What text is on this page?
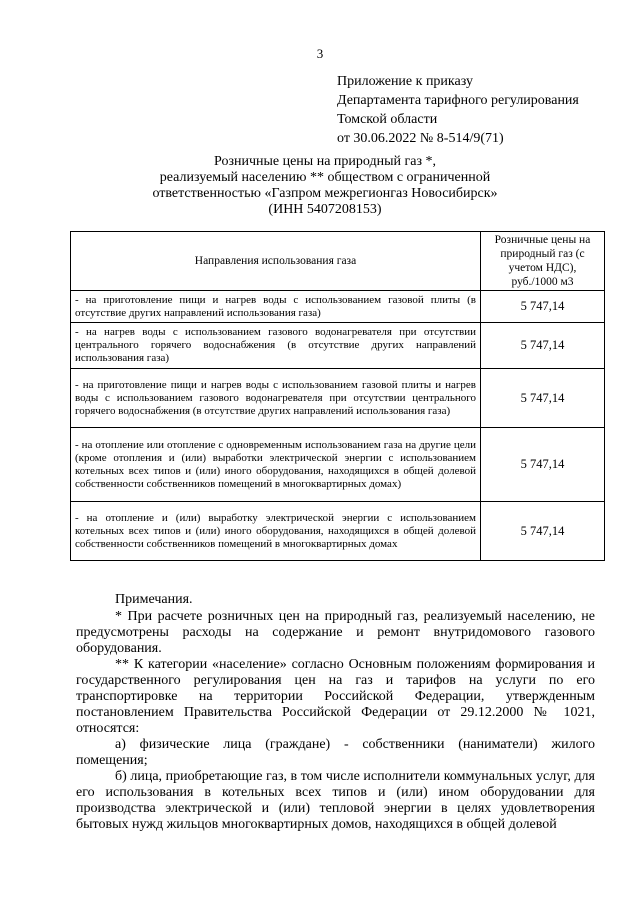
3
Приложение к приказу
Департамента тарифного регулирования
Томской области
от 30.06.2022 № 8-514/9(71)
Розничные цены на природный газ *,
реализуемый населению ** обществом с ограниченной
ответственностью «Газпром межрегионгаз Новосибирск»
(ИНН 5407208153)
Направления использования газа	Розничные цены на природный газ (с учетом НДС), руб./1000 м3
- на приготовление пищи и нагрев воды с использованием газовой плиты (в отсутствие других направлений использования газа)	5 747,14
- на нагрев воды с использованием газового водонагревателя при отсутствии центрального горячего водоснабжения (в отсутствие других направлений использования газа)	5 747,14
- на приготовление пищи и нагрев воды с использованием газовой плиты и нагрев воды с использованием газового водонагревателя при отсутствии центрального горячего водоснабжения (в отсутствие других направлений использования газа)	5 747,14
- на отопление или отопление с одновременным использованием газа на другие цели (кроме отопления и (или) выработки электрической энергии с использованием котельных всех типов и (или) иного оборудования, находящихся в общей долевой собственности собственников помещений в многоквартирных домах)	5 747,14
- на отопление и (или) выработку электрической энергии с использованием котельных всех типов и (или) иного оборудования, находящихся в общей долевой собственности собственников помещений в многоквартирных домах	5 747,14

Примечания.

* При расчете розничных цен на природный газ, реализуемый населению, не предусмотрены расходы на содержание и ремонт внутридомового газового оборудования.

** К категории «население» согласно Основным положениям формирования и государственного регулирования цен на газ и тарифов на услуги по его транспортировке на территории Российской Федерации, утвержденным постановлением Правительства Российской Федерации от 29.12.2000 № 1021, относятся:

а) физические лица (граждане) - собственники (наниматели) жилого помещения;

б) лица, приобретающие газ, в том числе исполнители коммунальных услуг, для его использования в котельных всех типов и (или) ином оборудовании для производства электрической и (или) тепловой энергии в целях удовлетворения бытовых нужд жильцов многоквартирных домов, находящихся в общей долевой
